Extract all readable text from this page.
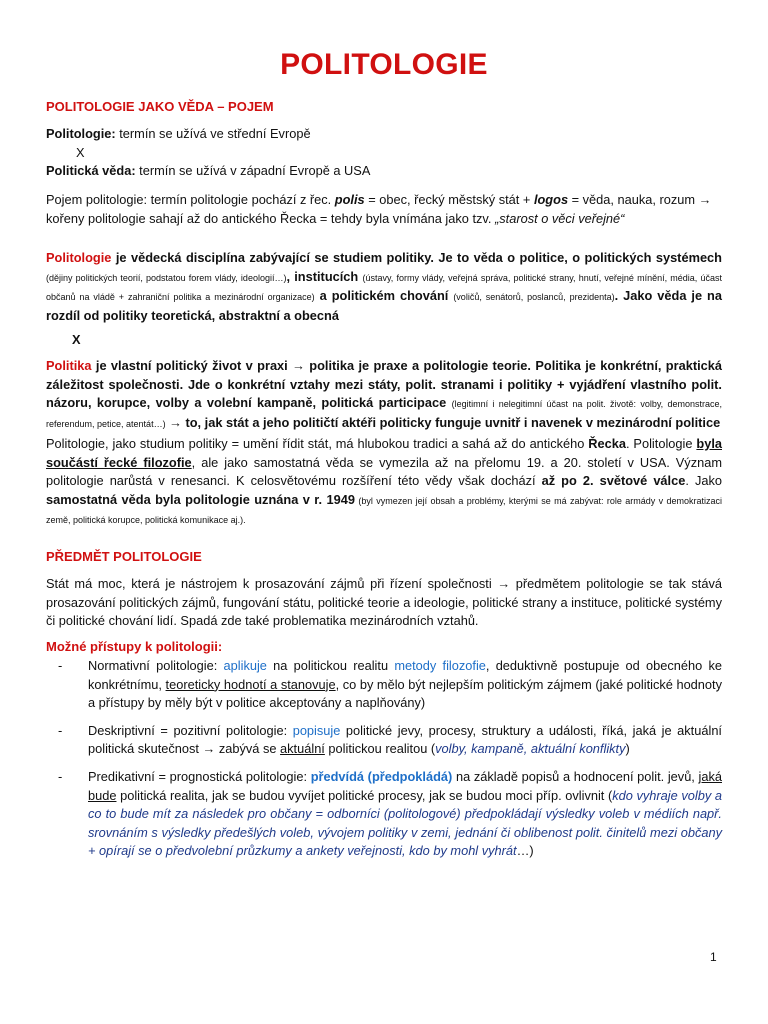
POLITOLOGIE
POLITOLOGIE JAKO VĚDA – POJEM
Politologie: termín se užívá ve střední Evropě
X
Politická věda: termín se užívá v západní Evropě a USA
Pojem politologie: termín politologie pochází z řec. polis = obec, řecký městský stát + logos = věda, nauka, rozum → kořeny politologie sahají až do antického Řecka = tehdy byla vnímána jako tzv. „starost o věci veřejné“
Politologie je vědecká disciplína zabývající se studiem politiky. Je to věda o politice, o politických systémech (dějiny politických teorií, podstatou forem vlády, ideologií…), institucích (ústavy, formy vlády, veřejná správa, politické strany, hnutí, veřejné mínění, média, účast občanů na vládě + zahraniční politika a mezinárodní organizace) a politickém chování (voličů, senátorů, poslanců, prezidenta). Jako věda je na rozdíl od politiky teoretická, abstraktní a obecná
X
Politika je vlastní politický život v praxi → politika je praxe a politologie teorie. Politika je konkrétní, praktická záležitost společnosti. Jde o konkrétní vztahy mezi státy, polit. stranami i politiky + vyjádření vlastního polit. názoru, korupce, volby a volební kampaně, politická participace (legitimní i nelegitimní účast na polit. životě: volby, demonstrace, referendum, petice, atentát…) → to, jak stát a jeho političtí aktéři politicky funguje uvnitř i navenek v mezinárodní politice
Politologie, jako studium politiky = umění řídit stát, má hlubokou tradici a sahá až do antického Řecka. Politologie byla součástí řecké filozofie, ale jako samostatná věda se vymezila až na přelomu 19. a 20. století v USA. Význam politologie narůstá v renesanci. K celosvětovému rozšíření této vědy však dochází až po 2. světové válce. Jako samostatná věda byla politologie uznána v r. 1949 (byl vymezen její obsah a problémy, kterými se má zabývat: role armády v demokratizaci země, politická korupce, politická komunikace aj.).
PŘEDMĚT POLITOLOGIE
Stát má moc, která je nástrojem k prosazování zájmů při řízení společnosti → předmětem politologie se tak stává prosazování politických zájmů, fungování státu, politické teorie a ideologie, politické strany a instituce, politické systémy či politické chování lidí. Spadá zde také problematika mezinárodních vztahů.
Možné přístupy k politologii:
- Normativní politologie: aplikuje na politickou realitu metody filozofie, deduktivně postupuje od obecného ke konkrétnímu, teoreticky hodnotí a stanovuje, co by mělo být nejlepším politickým zájmem (jaké politické hodnoty a přístupy by měly být v politice akceptovány a naplňovány)
- Deskriptivní = pozitivní politologie: popisuje politické jevy, procesy, struktury a události, říká, jaká je aktuální politická skutečnost → zabývá se aktuální politickou realitou (volby, kampaně, aktuální konflikty)
- Predikativní = prognostická politologie: předvídá (předpokládá) na základě popisů a hodnocení polit. jevů, jaká bude politická realita, jak se budou vyvíjet politické procesy, jak se budou moci příp. ovlivnit (kdo vyhraje volby a co to bude mít za následek pro občany = odborníci (politologové) předpokládají výsledky voleb v médiích např. srovnáním s výsledky předešlých voleb, vývojem politiky v zemi, jednání či oblibenost polit. činitelů mezi občany + opírají se o předvolební průzkumy a ankety veřejnosti, kdo by mohl vyhrát…)
1
